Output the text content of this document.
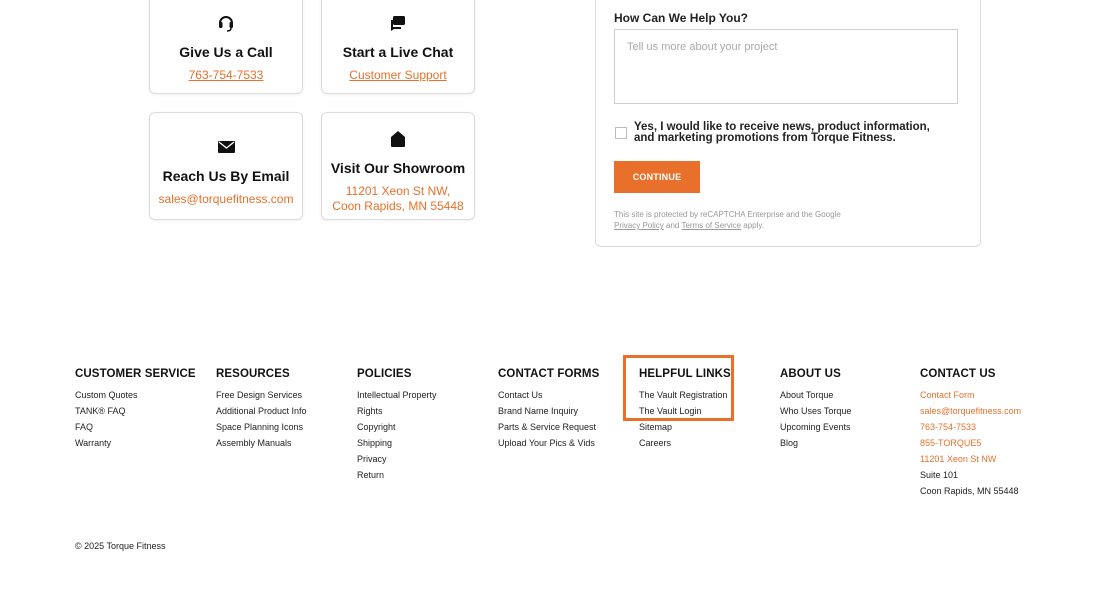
Give Us a Call
763-754-7533
Start a Live Chat
Customer Support
Reach Us By Email
sales@torquefitness.com
Visit Our Showroom
11201 Xeon St NW,
Coon Rapids, MN 55448
How Can We Help You?
Tell us more about your project
Yes, I would like to receive news, product information, and marketing promotions from Torque Fitness.
CONTINUE
This site is protected by reCAPTCHA Enterprise and the Google
Privacy Policy and Terms of Service apply.
CUSTOMER SERVICE
Custom Quotes
TANK® FAQ
FAQ
Warranty
RESOURCES
Free Design Services
Additional Product Info
Space Planning Icons
Assembly Manuals
POLICIES
Intellectual Property
Rights
Copyright
Shipping
Privacy
Return
CONTACT FORMS
Contact Us
Brand Name Inquiry
Parts & Service Request
Upload Your Pics & Vids
HELPFUL LINKS
The Vault Registration
The Vault Login
Sitemap
Careers
ABOUT US
About Torque
Who Uses Torque
Upcoming Events
Blog
CONTACT US
Contact Form
sales@torquefitness.com
763-754-7533
855-TORQUE5
11201 Xeon St NW
Suite 101
Coon Rapids, MN 55448
© 2025 Torque Fitness
